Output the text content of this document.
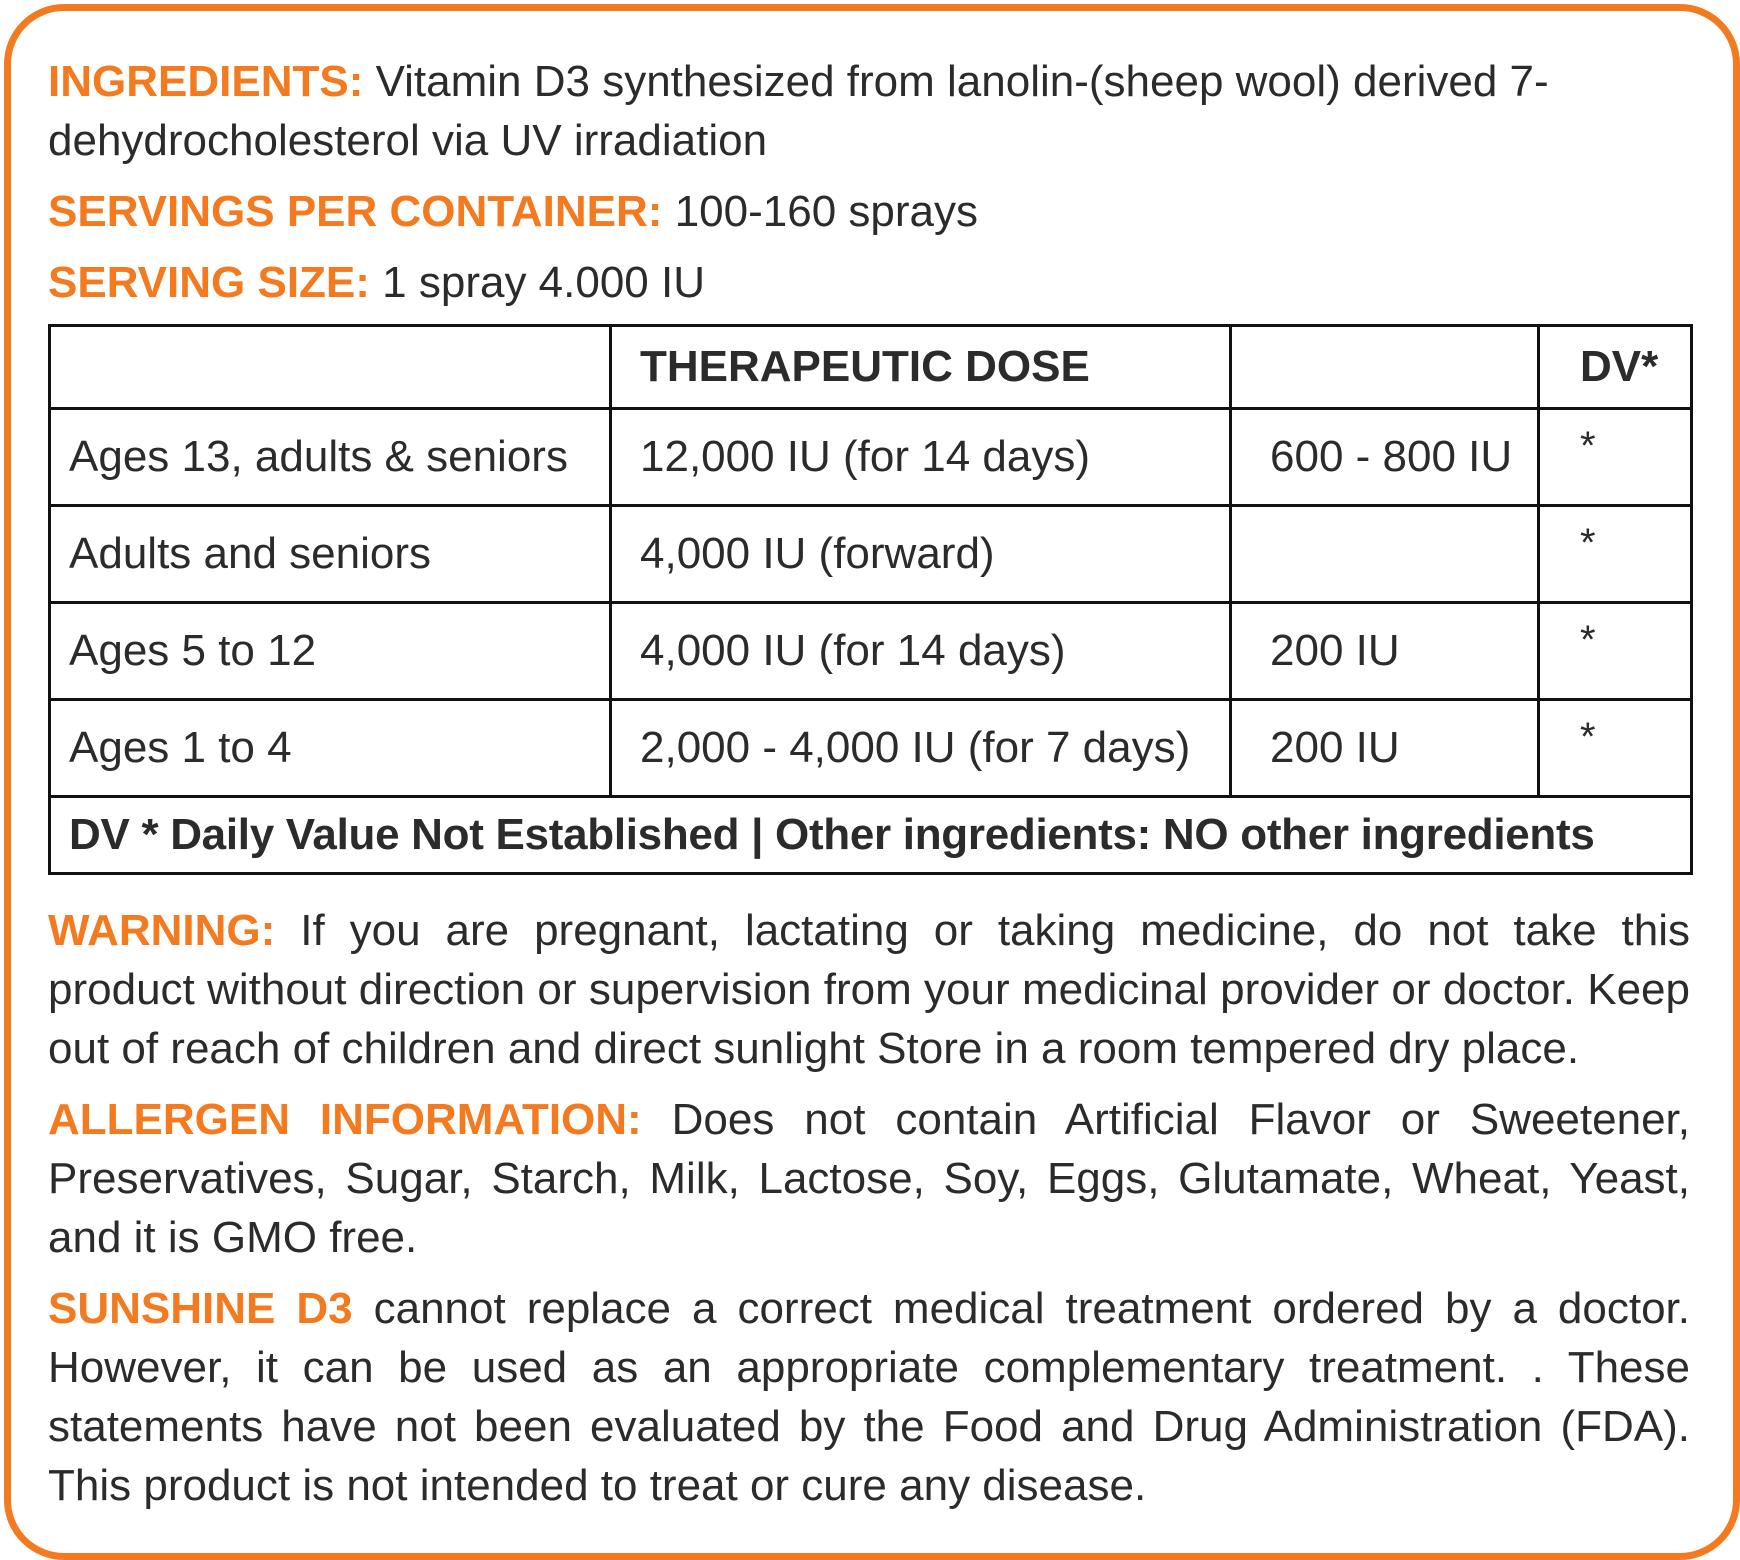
INGREDIENTS: Vitamin D3 synthesized from lanolin-(sheep wool) derived 7-dehydrocholesterol via UV irradiation

SERVINGS PER CONTAINER: 100-160 sprays

SERVING SIZE: 1 spray 4.000 IU

	THERAPEUTIC DOSE		DV*
Ages 13, adults & seniors	12,000 IU (for 14 days)	600 - 800 IU	*
Adults and seniors	4,000 IU (forward)		*
Ages 5 to 12	4,000 IU (for 14 days)	200 IU	*
Ages 1 to 4	2,000 - 4,000 IU (for 7 days)	200 IU	*
DV * Daily Value Not Established | Other ingredients: NO other ingredients			

WARNING: If you are pregnant, lactating or taking medicine, do not take this product without direction or supervision from your medicinal provider or doctor. Keep out of reach of children and direct sunlight Store in a room tempered dry place.

ALLERGEN INFORMATION: Does not contain Artificial Flavor or Sweetener, Preservatives, Sugar, Starch, Milk, Lactose, Soy, Eggs, Glutamate, Wheat, Yeast, and it is GMO free.

SUNSHINE D3 cannot replace a correct medical treatment ordered by a doctor. However, it can be used as an appropriate complementary treatment. . These statements have not been evaluated by the Food and Drug Administration (FDA). This product is not intended to treat or cure any disease.
